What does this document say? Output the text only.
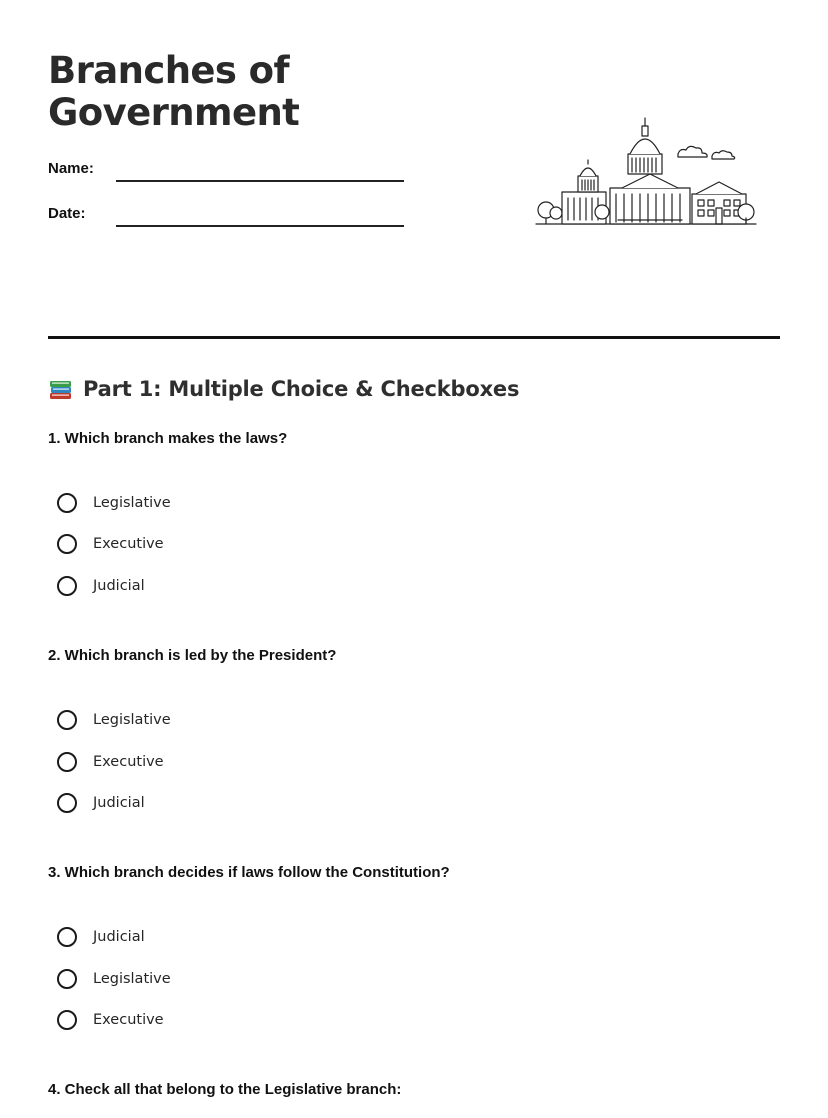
Branches of Government
Name:
Date:
Part 1: Multiple Choice & Checkboxes
1. Which branch makes the laws?
Legislative
Executive
Judicial
2. Which branch is led by the President?
Legislative
Executive
Judicial
3. Which branch decides if laws follow the Constitution?
Judicial
Legislative
Executive
4. Check all that belong to the Legislative branch:
